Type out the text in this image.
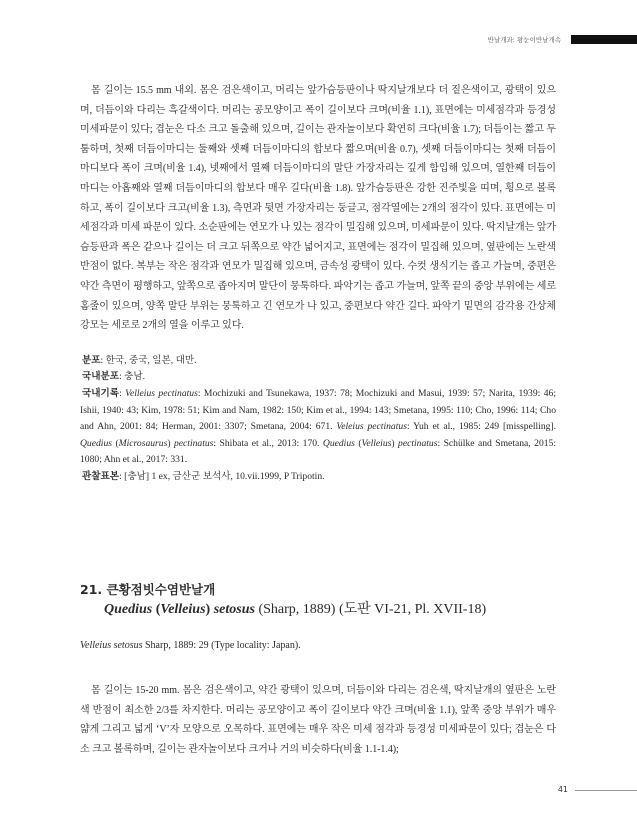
반날개과: 왕눈이반날개속

몸 길이는 15.5 mm 내외. 몸은 검은색이고, 머리는 앞가슴등판이나 딱지날개보다 더 짙은색이고, 광택이 있으며, 더듬이와 다리는 흑갈색이다. 머리는 공모양이고 폭이 길이보다 크며(비율 1.1), 표면에는 미세점각과 등경성 미세파문이 있다; 겹눈은 다소 크고 돌출해 있으며, 길이는 관자놀이보다 확연히 크다(비율 1.7); 더듬이는 짧고 두툼하며, 첫째 더듬이마디는 둘째와 셋째 더듬이마디의 합보다 짧으며(비율 0.7), 셋째 더듬이마디는 첫째 더듬이마디보다 폭이 크며(비율 1.4), 넷째에서 열째 더듬이마디의 말단 가장자리는 깊게 함입해 있으며, 열한째 더듬이마디는 아홉째와 열째 더듬이마디의 합보다 매우 길다(비율 1.8). 앞가슴등판은 강한 진주빛을 띠며, 횡으로 볼록하고, 폭이 길이보다 크고(비율 1.3), 측면과 뒷면 가장자리는 둥글고, 점각열에는 2개의 점각이 있다. 표면에는 미세점각과 미세 파문이 있다. 소순판에는 연모가 나 있는 점각이 밀집해 있으며, 미세파문이 있다. 딱지날개는 앞가슴등판과 폭은 같으나 길이는 더 크고 뒤쪽으로 약간 넓어지고, 표면에는 점각이 밀집해 있으며, 옆판에는 노란색 반점이 없다. 복부는 작은 점각과 연모가 밀집해 있으며, 금속성 광택이 있다. 수컷 생식기는 좁고 가늘며, 중편은 약간 측면이 평행하고, 앞쪽으로 좁아지며 말단이 뭉툭하다. 파악기는 좁고 가늘며, 앞쪽 끝의 중앙 부위에는 세로 홈줄이 있으며, 양쪽 말단 부위는 뭉툭하고 긴 연모가 나 있고, 중편보다 약간 길다. 파악기 밑면의 감각용 간상체 강모는 세로로 2개의 열을 이루고 있다.

분포: 한국, 중국, 일본, 대만.

국내분포: 충남.

국내기록: Velleius pectinatus: Mochizuki and Tsunekawa, 1937: 78; Mochizuki and Masui, 1939: 57; Narita, 1939: 46; Ishii, 1940: 43; Kim, 1978: 51; Kim and Nam, 1982: 150; Kim et al., 1994: 143; Smetana, 1995: 110; Cho, 1996: 114; Cho and Ahn, 2001: 84; Herman, 2001: 3307; Smetana, 2004: 671. Veleius pectinatus: Yuh et al., 1985: 249 [misspelling]. Quedius (Microsaurus) pectinatus: Shibata et al., 2013: 170. Quedius (Velleius) pectinatus: Schülke and Smetana, 2015: 1080; Ahn et al., 2017: 331.

관찰표본: [충남] 1 ex, 금산군 보석사, 10.vii.1999, P Tripotin.

21. 큰황점빗수염반날개
Quedius (Velleius) setosus (Sharp, 1889) (도판 VI-21, Pl. XVII-18)

Velleius setosus Sharp, 1889: 29 (Type locality: Japan).

몸 길이는 15-20 mm. 몸은 검은색이고, 약간 광택이 있으며, 더듬이와 다리는 검은색, 딱지날개의 옆판은 노란색 반점이 최소한 2/3를 차지한다. 머리는 공모양이고 폭이 길이보다 약간 크며(비율 1.1), 앞쪽 중앙 부위가 매우 얇게 그리고 넓게 ‘V’자 모양으로 오목하다. 표면에는 매우 작은 미세 점각과 등경성 미세파문이 있다; 겹눈은 다소 크고 볼록하며, 길이는 관자놀이보다 크거나 거의 비슷하다(비율 1.1-1.4);

41
